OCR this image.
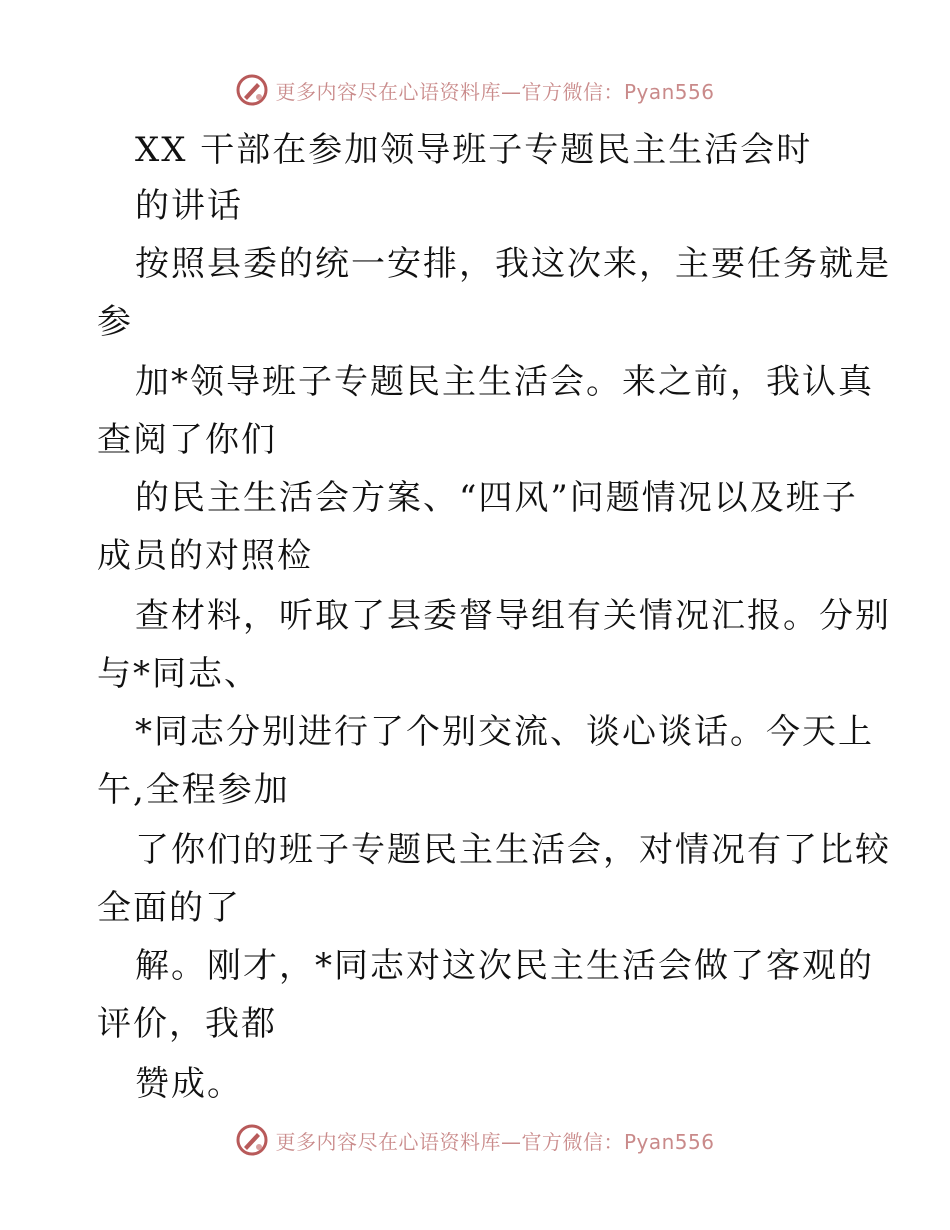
更多内容尽在心语资料库—官方微信：Pyan556
XX 干部在参加领导班子专题民主生活会时
的讲话
按照县委的统一安排，我这次来，主要任务就是
参
加*领导班子专题民主生活会。来之前，我认真
查阅了你们
的民主生活会方案、“四风”问题情况以及班子
成员的对照检
查材料，听取了县委督导组有关情况汇报。分别
与*同志、
*同志分别进行了个别交流、谈心谈话。今天上
午,全程参加
了你们的班子专题民主生活会，对情况有了比较
全面的了
解。刚才，*同志对这次民主生活会做了客观的
评价，我都
赞成。
更多内容尽在心语资料库—官方微信：Pyan556
